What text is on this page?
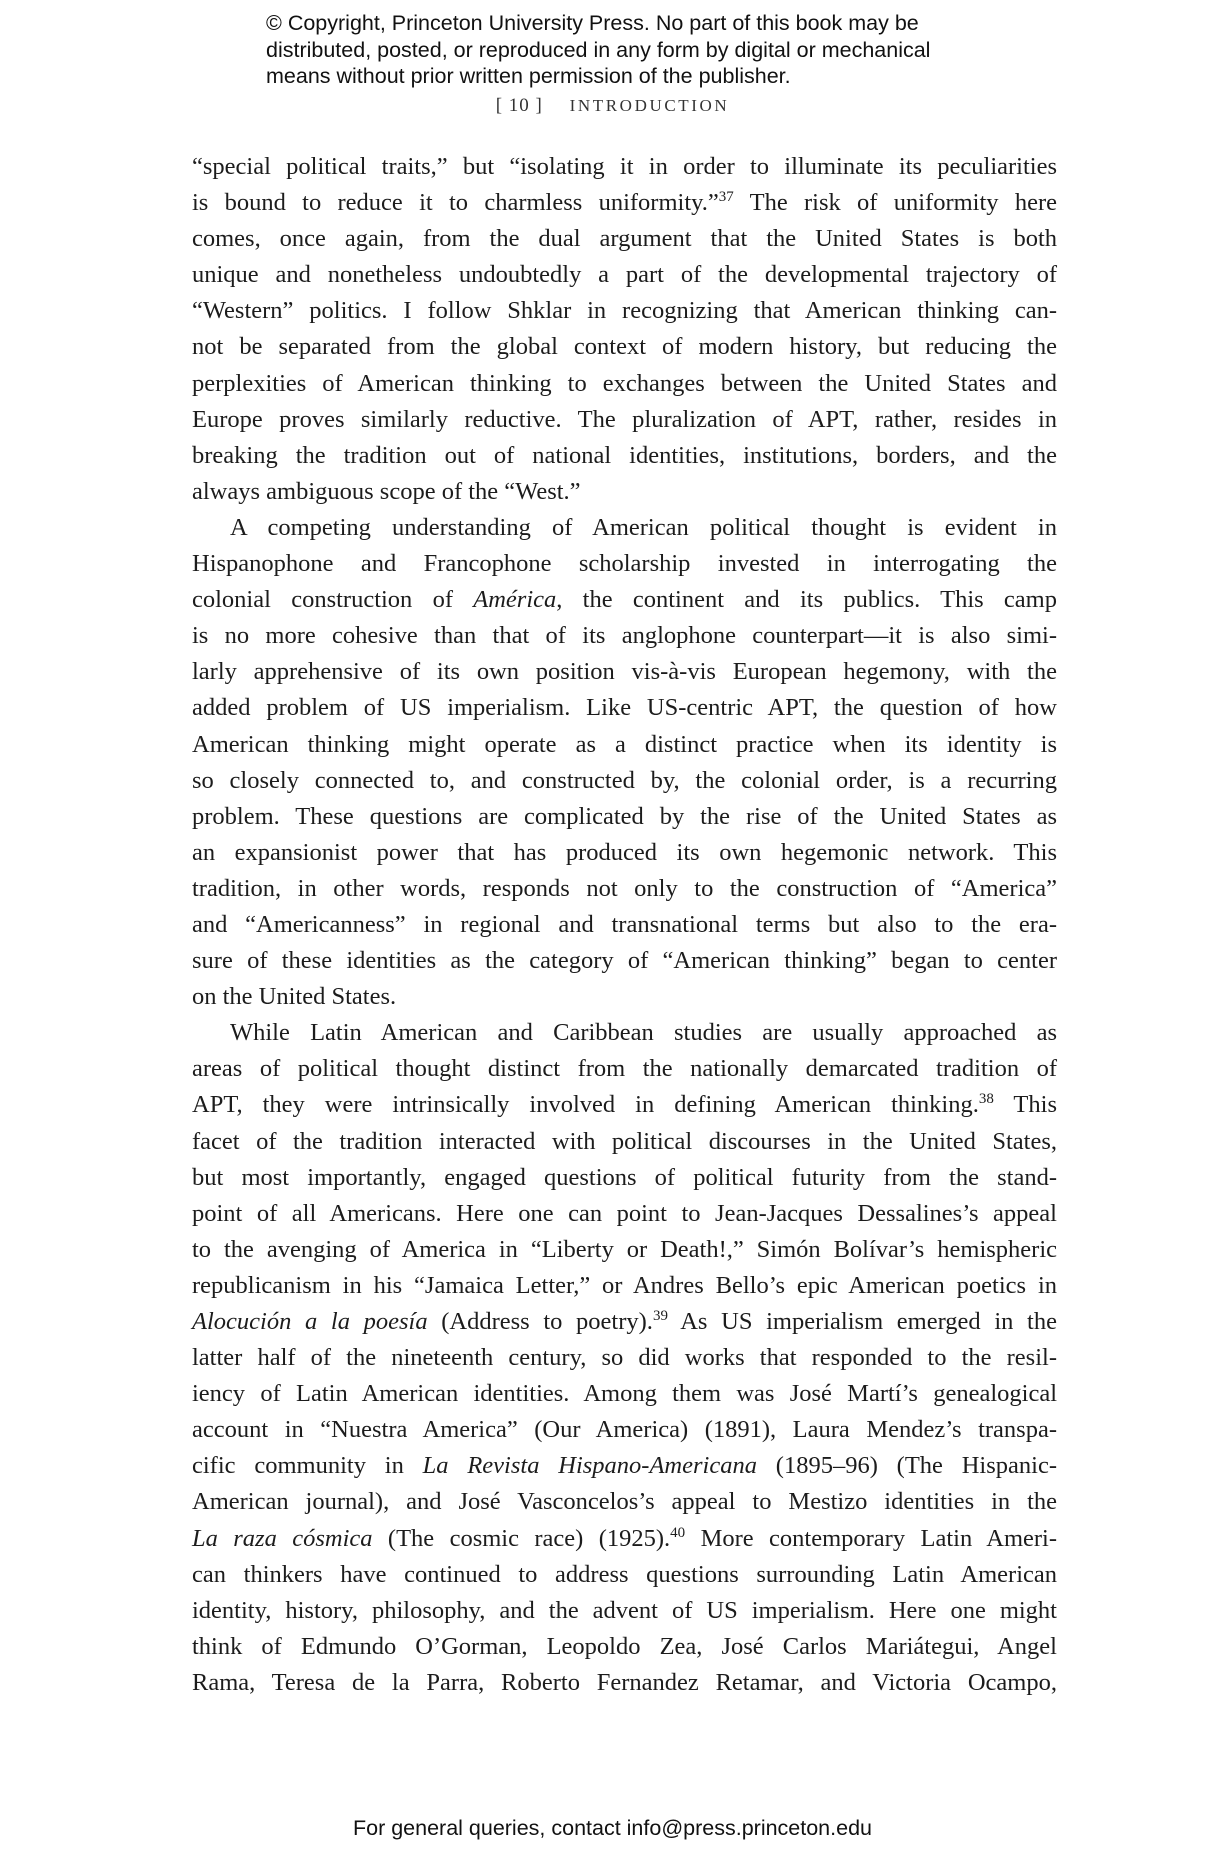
© Copyright, Princeton University Press. No part of this book may be
distributed, posted, or reproduced in any form by digital or mechanical
means without prior written permission of the publisher.
[ 10 ] INTRODUCTION
“special political traits,” but “isolating it in order to illuminate its peculiarities
is bound to reduce it to charmless uniformity.”$^{37}$ The risk of uniformity here
comes, once again, from the dual argument that the United States is both
unique and nonetheless undoubtedly a part of the developmental trajectory of
“Western” politics. I follow Shklar in recognizing that American thinking can-
not be separated from the global context of modern history, but reducing the
perplexities of American thinking to exchanges between the United States and
Europe proves similarly reductive. The pluralization of APT, rather, resides in
breaking the tradition out of national identities, institutions, borders, and the
always ambiguous scope of the “West.”
A competing understanding of American political thought is evident in
Hispanophone and Francophone scholarship invested in interrogating the
colonial construction of América, the continent and its publics. This camp
is no more cohesive than that of its anglophone counterpart—it is also simi-
larly apprehensive of its own position vis-à-vis European hegemony, with the
added problem of US imperialism. Like US-centric APT, the question of how
American thinking might operate as a distinct practice when its identity is
so closely connected to, and constructed by, the colonial order, is a recurring
problem. These questions are complicated by the rise of the United States as
an expansionist power that has produced its own hegemonic network. This
tradition, in other words, responds not only to the construction of “America”
and “Americanness” in regional and transnational terms but also to the era-
sure of these identities as the category of “American thinking” began to center
on the United States.
While Latin American and Caribbean studies are usually approached as
areas of political thought distinct from the nationally demarcated tradition of
APT, they were intrinsically involved in defining American thinking.$^{38}$ This
facet of the tradition interacted with political discourses in the United States,
but most importantly, engaged questions of political futurity from the stand-
point of all Americans. Here one can point to Jean-Jacques Dessalines’s appeal
to the avenging of America in “Liberty or Death!,” Simón Bolívar’s hemispheric
republicanism in his “Jamaica Letter,” or Andres Bello’s epic American poetics in
Alocución a la poesía (Address to poetry).$^{39}$ As US imperialism emerged in the
latter half of the nineteenth century, so did works that responded to the resil-
iency of Latin American identities. Among them was José Martí’s genealogical
account in “Nuestra America” (Our America) (1891), Laura Mendez’s transpa-
cific community in La Revista Hispano-Americana (1895–96) (The Hispanic-
American journal), and José Vasconcelos’s appeal to Mestizo identities in the
La raza cósmica (The cosmic race) (1925).$^{40}$ More contemporary Latin Ameri-
can thinkers have continued to address questions surrounding Latin American
identity, history, philosophy, and the advent of US imperialism. Here one might
think of Edmundo O’Gorman, Leopoldo Zea, José Carlos Mariátegui, Angel
Rama, Teresa de la Parra, Roberto Fernandez Retamar, and Victoria Ocampo,
For general queries, contact info@press.princeton.edu
